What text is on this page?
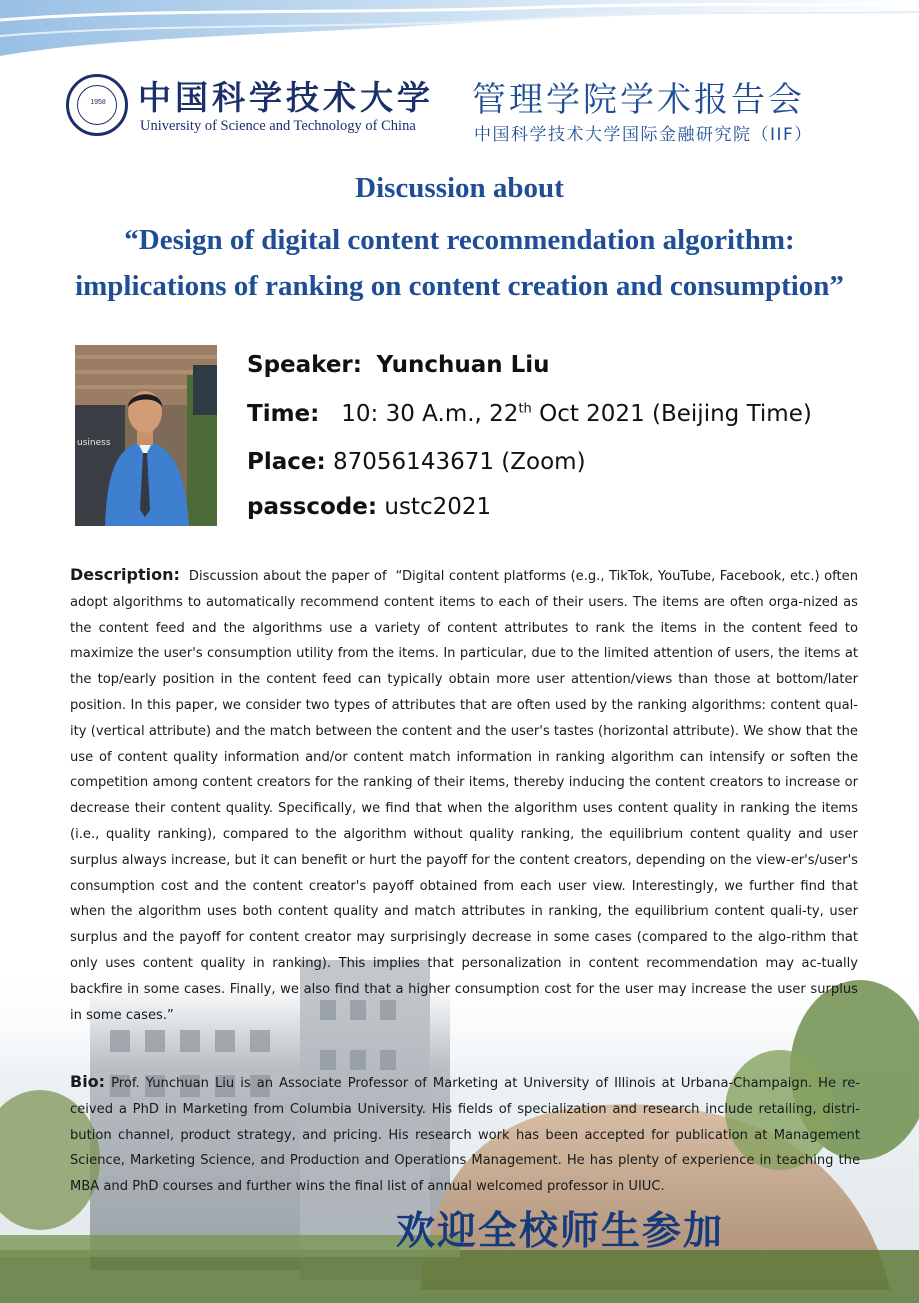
1958 中国科学技术大学
University of Science and Technology of China
管理学院学术报告会
中国科学技术大学国际金融研究院（IIF）
Discussion about
“Design of digital content recommendation algorithm:
implications of ranking on content creation and consumption”
usiness
Speaker: Yunchuan Liu
Time: 10: 30 A.m., 22th Oct 2021 (Beijing Time)
Place: 87056143671 (Zoom)
passcode: ustc2021

Description: Discussion about the paper of  “Digital content platforms (e.g., TikTok, YouTube, Facebook, etc.) often adopt algorithms to automatically recommend content items to each of their users. The items are often orga-nized as the content feed and the algorithms use a variety of content attributes to rank the items in the content feed to maximize the user's consumption utility from the items. In particular, due to the limited attention of users, the items at the top/early position in the content feed can typically obtain more user attention/views than those at bottom/later position. In this paper, we consider two types of attributes that are often used by the ranking algorithms: content qual-ity (vertical attribute) and the match between the content and the user's tastes (horizontal attribute). We show that the use of content quality information and/or content match information in ranking algorithm can intensify or soften the competition among content creators for the ranking of their items, thereby inducing the content creators to increase or decrease their content quality. Specifically, we find that when the algorithm uses content quality in ranking the items (i.e., quality ranking), compared to the algorithm without quality ranking, the equilibrium content quality and user surplus always increase, but it can benefit or hurt the payoff for the content creators, depending on the view-er's/user's consumption cost and the content creator's payoff obtained from each user view. Interestingly, we further find that when the algorithm uses both content quality and match attributes in ranking, the equilibrium content quali-ty, user surplus and the payoff for content creator may surprisingly decrease in some cases (compared to the algo-rithm that only uses content quality in ranking). This implies that personalization in content recommendation may ac-tually backfire in some cases. Finally, we also find that a higher consumption cost for the user may increase the user surplus in some cases.”

Bio: Prof. Yunchuan Liu is an Associate Professor of Marketing at University of Illinois at Urbana-Champaign. He re-ceived a PhD in Marketing from Columbia University. His fields of specialization and research include retailing, distri-bution channel, product strategy, and pricing. His research work has been accepted for publication at Management Science, Marketing Science, and Production and Operations Management. He has plenty of experience in teaching the MBA and PhD courses and further wins the final list of annual welcomed professor in UIUC.

欢迎全校师生参加
